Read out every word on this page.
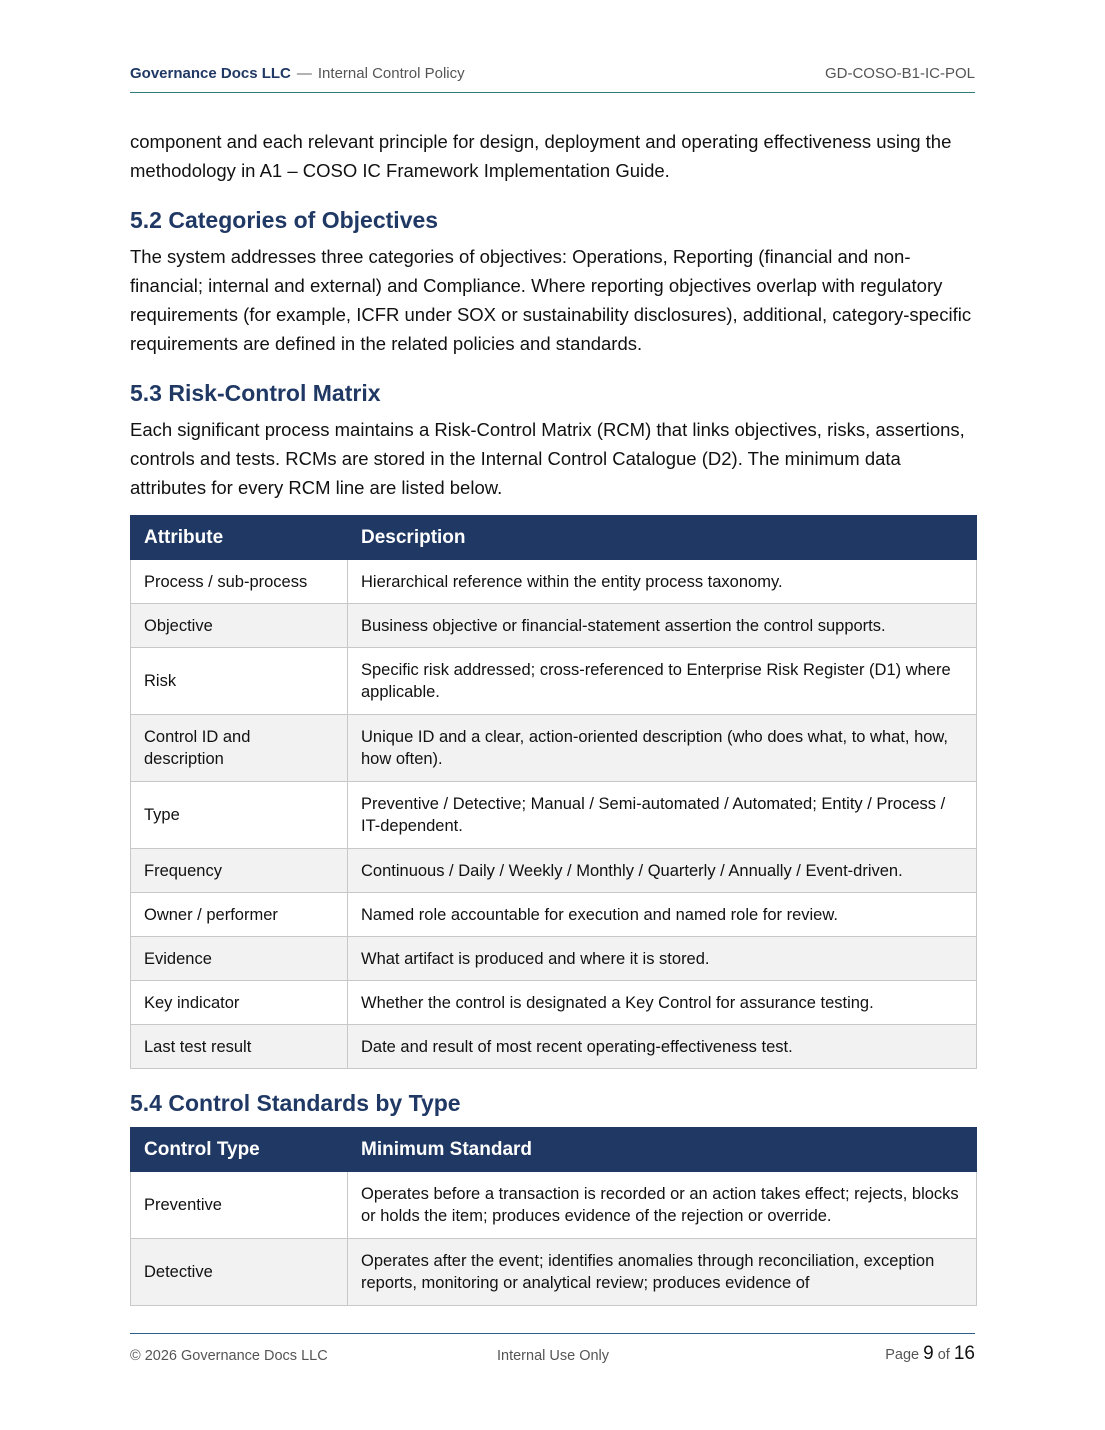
Governance Docs LLC — Internal Control Policy	GD-COSO-B1-IC-POL

component and each relevant principle for design, deployment and operating effectiveness using the methodology in A1 – COSO IC Framework Implementation Guide.

5.2 Categories of Objectives

The system addresses three categories of objectives: Operations, Reporting (financial and non-financial; internal and external) and Compliance. Where reporting objectives overlap with regulatory requirements (for example, ICFR under SOX or sustainability disclosures), additional, category-specific requirements are defined in the related policies and standards.

5.3 Risk-Control Matrix

Each significant process maintains a Risk-Control Matrix (RCM) that links objectives, risks, assertions, controls and tests. RCMs are stored in the Internal Control Catalogue (D2). The minimum data attributes for every RCM line are listed below.

Attribute	Description
Process / sub-process	Hierarchical reference within the entity process taxonomy.
Objective	Business objective or financial-statement assertion the control supports.
Risk	Specific risk addressed; cross-referenced to Enterprise Risk Register (D1) where applicable.
Control ID and description	Unique ID and a clear, action-oriented description (who does what, to what, how, how often).
Type	Preventive / Detective; Manual / Semi-automated / Automated; Entity / Process / IT-dependent.
Frequency	Continuous / Daily / Weekly / Monthly / Quarterly / Annually / Event-driven.
Owner / performer	Named role accountable for execution and named role for review.
Evidence	What artifact is produced and where it is stored.
Key indicator	Whether the control is designated a Key Control for assurance testing.
Last test result	Date and result of most recent operating-effectiveness test.
5.4 Control Standards by Type
Control Type	Minimum Standard
Preventive	Operates before a transaction is recorded or an action takes effect; rejects, blocks or holds the item; produces evidence of the rejection or override.
Detective	Operates after the event; identifies anomalies through reconciliation, exception reports, monitoring or analytical review; produces evidence of
© 2026 Governance Docs LLC	Internal Use Only	Page 9 of 16
